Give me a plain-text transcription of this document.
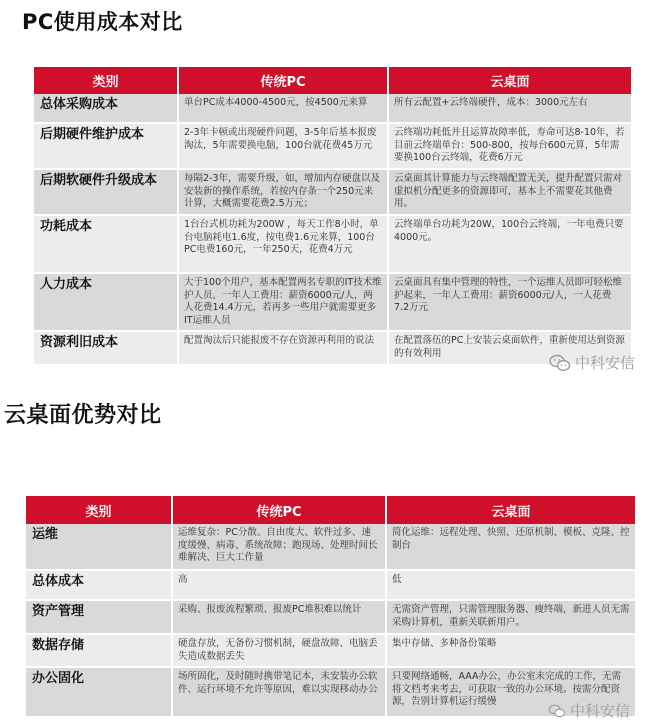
PC使用成本对比
类别	传统PC	云桌面
总体采购成本	单台PC成本4000-4500元，按4500元来算	所有云配置+云终端硬件，成本：3000元左右
后期硬件维护成本	2-3年卡顿或出现硬件问题，3-5年后基本报废淘汰，5年需要换电脑，100台就花费45万元	云终端功耗低并且运算故障率低，寿命可达8-10年，若目前云终端单台：500-800，按每台600元算，5年需要换100台云终端，花费6万元
后期软硬件升级成本	每隔2-3年，需要升级，如，增加内存硬盘以及安装新的操作系统，若按内存条一个250元来计算，大概需要花费2.5万元；	云桌面其计算能力与云终端配置无关，提升配置只需对虚拟机分配更多的资源即可，基本上不需要花其他费用。
功耗成本	1台台式机功耗为200W ，每天工作8小时，单台电脑耗电1.6度，按电费1.6元来算，100台PC电费160元，一年250天，花费4万元	云终端单台功耗为20W，100台云终端，一年电费只要4000元。
人力成本	大于100个用户，基本配置两名专职的IT技术维护人员，一年人工费用：薪资6000元/人，两人花费14.4万元，若再多一些用户就需要更多IT运维人员	云桌面具有集中管理的特性，一个运维人员即可轻松维护起来，一年人工费用：薪资6000元/人，一人花费7.2万元
资源利旧成本	配置淘汰后只能报废不存在资源再利用的说法	在配置落伍的PC上安装云桌面软件，重新使用达到资源的有效利用
中科安信
云桌面优势对比
类别	传统PC	云桌面
运维	运维复杂：PC分散、自由度大、软件过多、速度缓慢、病毒、系统故障；跑现场、处理时间长难解决、巨大工作量	简化运维：远程处理、快照、还原机制、模板、克隆、控制台
总体成本	高	低
资产管理	采购、报废流程繁琐、报废PC堆积难以统计	无需资产管理，只需管理服务器、瘦终端，新进人员无需采购计算机，重新关联新用户。
数据存储	硬盘存放，无备份习惯机制，硬盘故障、电脑丢失造成数据丢失	集中存储、多种备份策略
办公固化	场所固化，及时随时携带笔记本，未安装办公软件、运行环境不允许等原因，难以实现移动办公	只要网络通畅，AAA办公，办公室未完成的工作，无需将文档考来考去，可获取一致的办公环境。按需分配资源，告别计算机运行缓慢
中科安信
